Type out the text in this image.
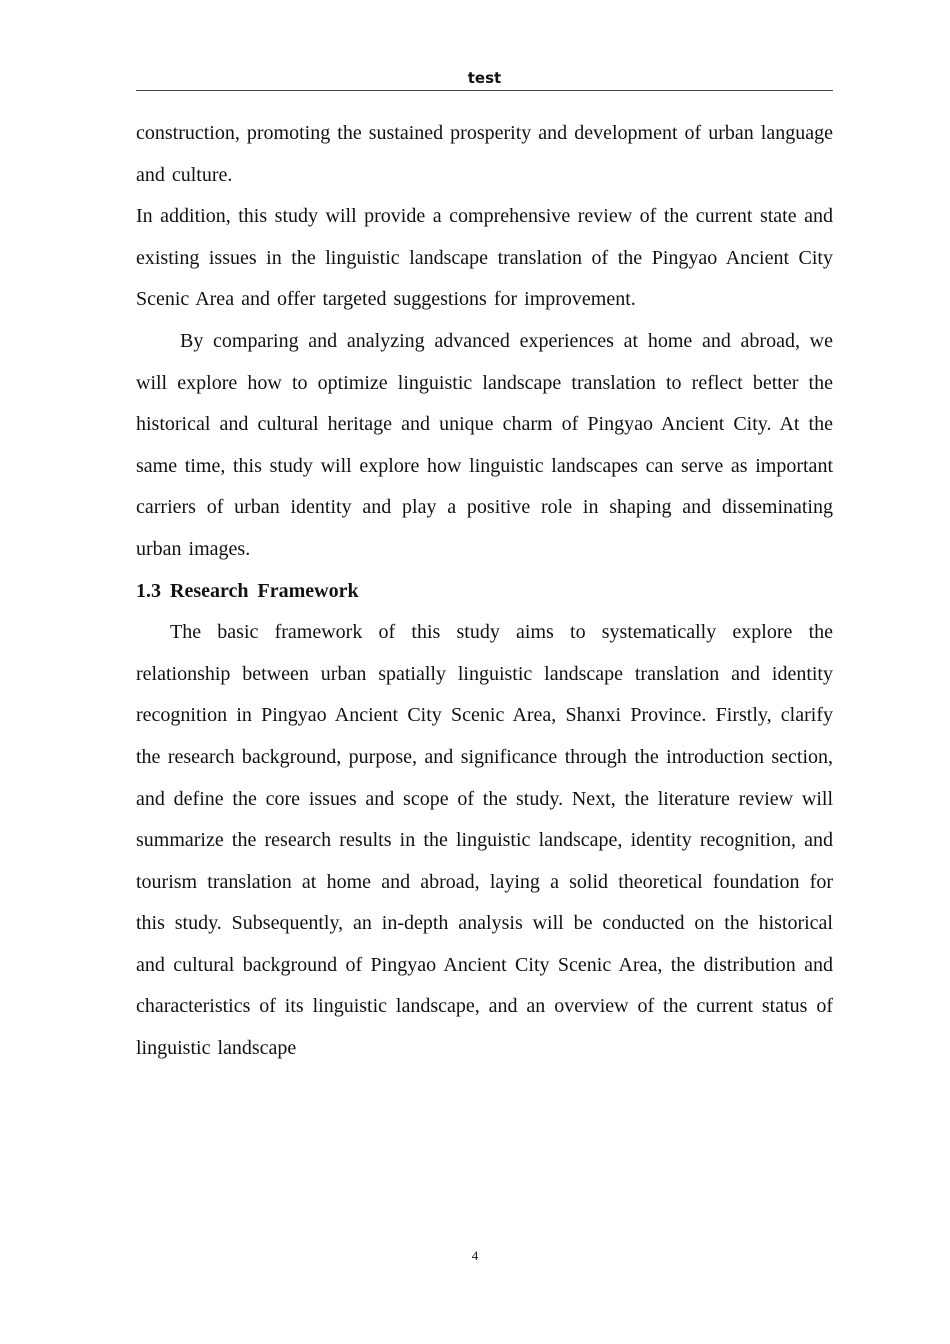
test

construction, promoting the sustained prosperity and development of urban language and culture.

In addition, this study will provide a comprehensive review of the current state and existing issues in the linguistic landscape translation of the Pingyao Ancient City Scenic Area and offer targeted suggestions for improvement.

By comparing and analyzing advanced experiences at home and abroad, we will explore how to optimize linguistic landscape translation to reflect better the historical and cultural heritage and unique charm of Pingyao Ancient City. At the same time, this study will explore how linguistic landscapes can serve as important carriers of urban identity and play a positive role in shaping and disseminating urban images.

1.3 Research Framework

The basic framework of this study aims to systematically explore the relationship between urban spatially linguistic landscape translation and identity recognition in Pingyao Ancient City Scenic Area, Shanxi Province. Firstly, clarify the research background, purpose, and significance through the introduction section, and define the core issues and scope of the study. Next, the literature review will summarize the research results in the linguistic landscape, identity recognition, and tourism translation at home and abroad, laying a solid theoretical foundation for this study. Subsequently, an in-depth analysis will be conducted on the historical and cultural background of Pingyao Ancient City Scenic Area, the distribution and characteristics of its linguistic landscape, and an overview of the current status of linguistic landscape

4
